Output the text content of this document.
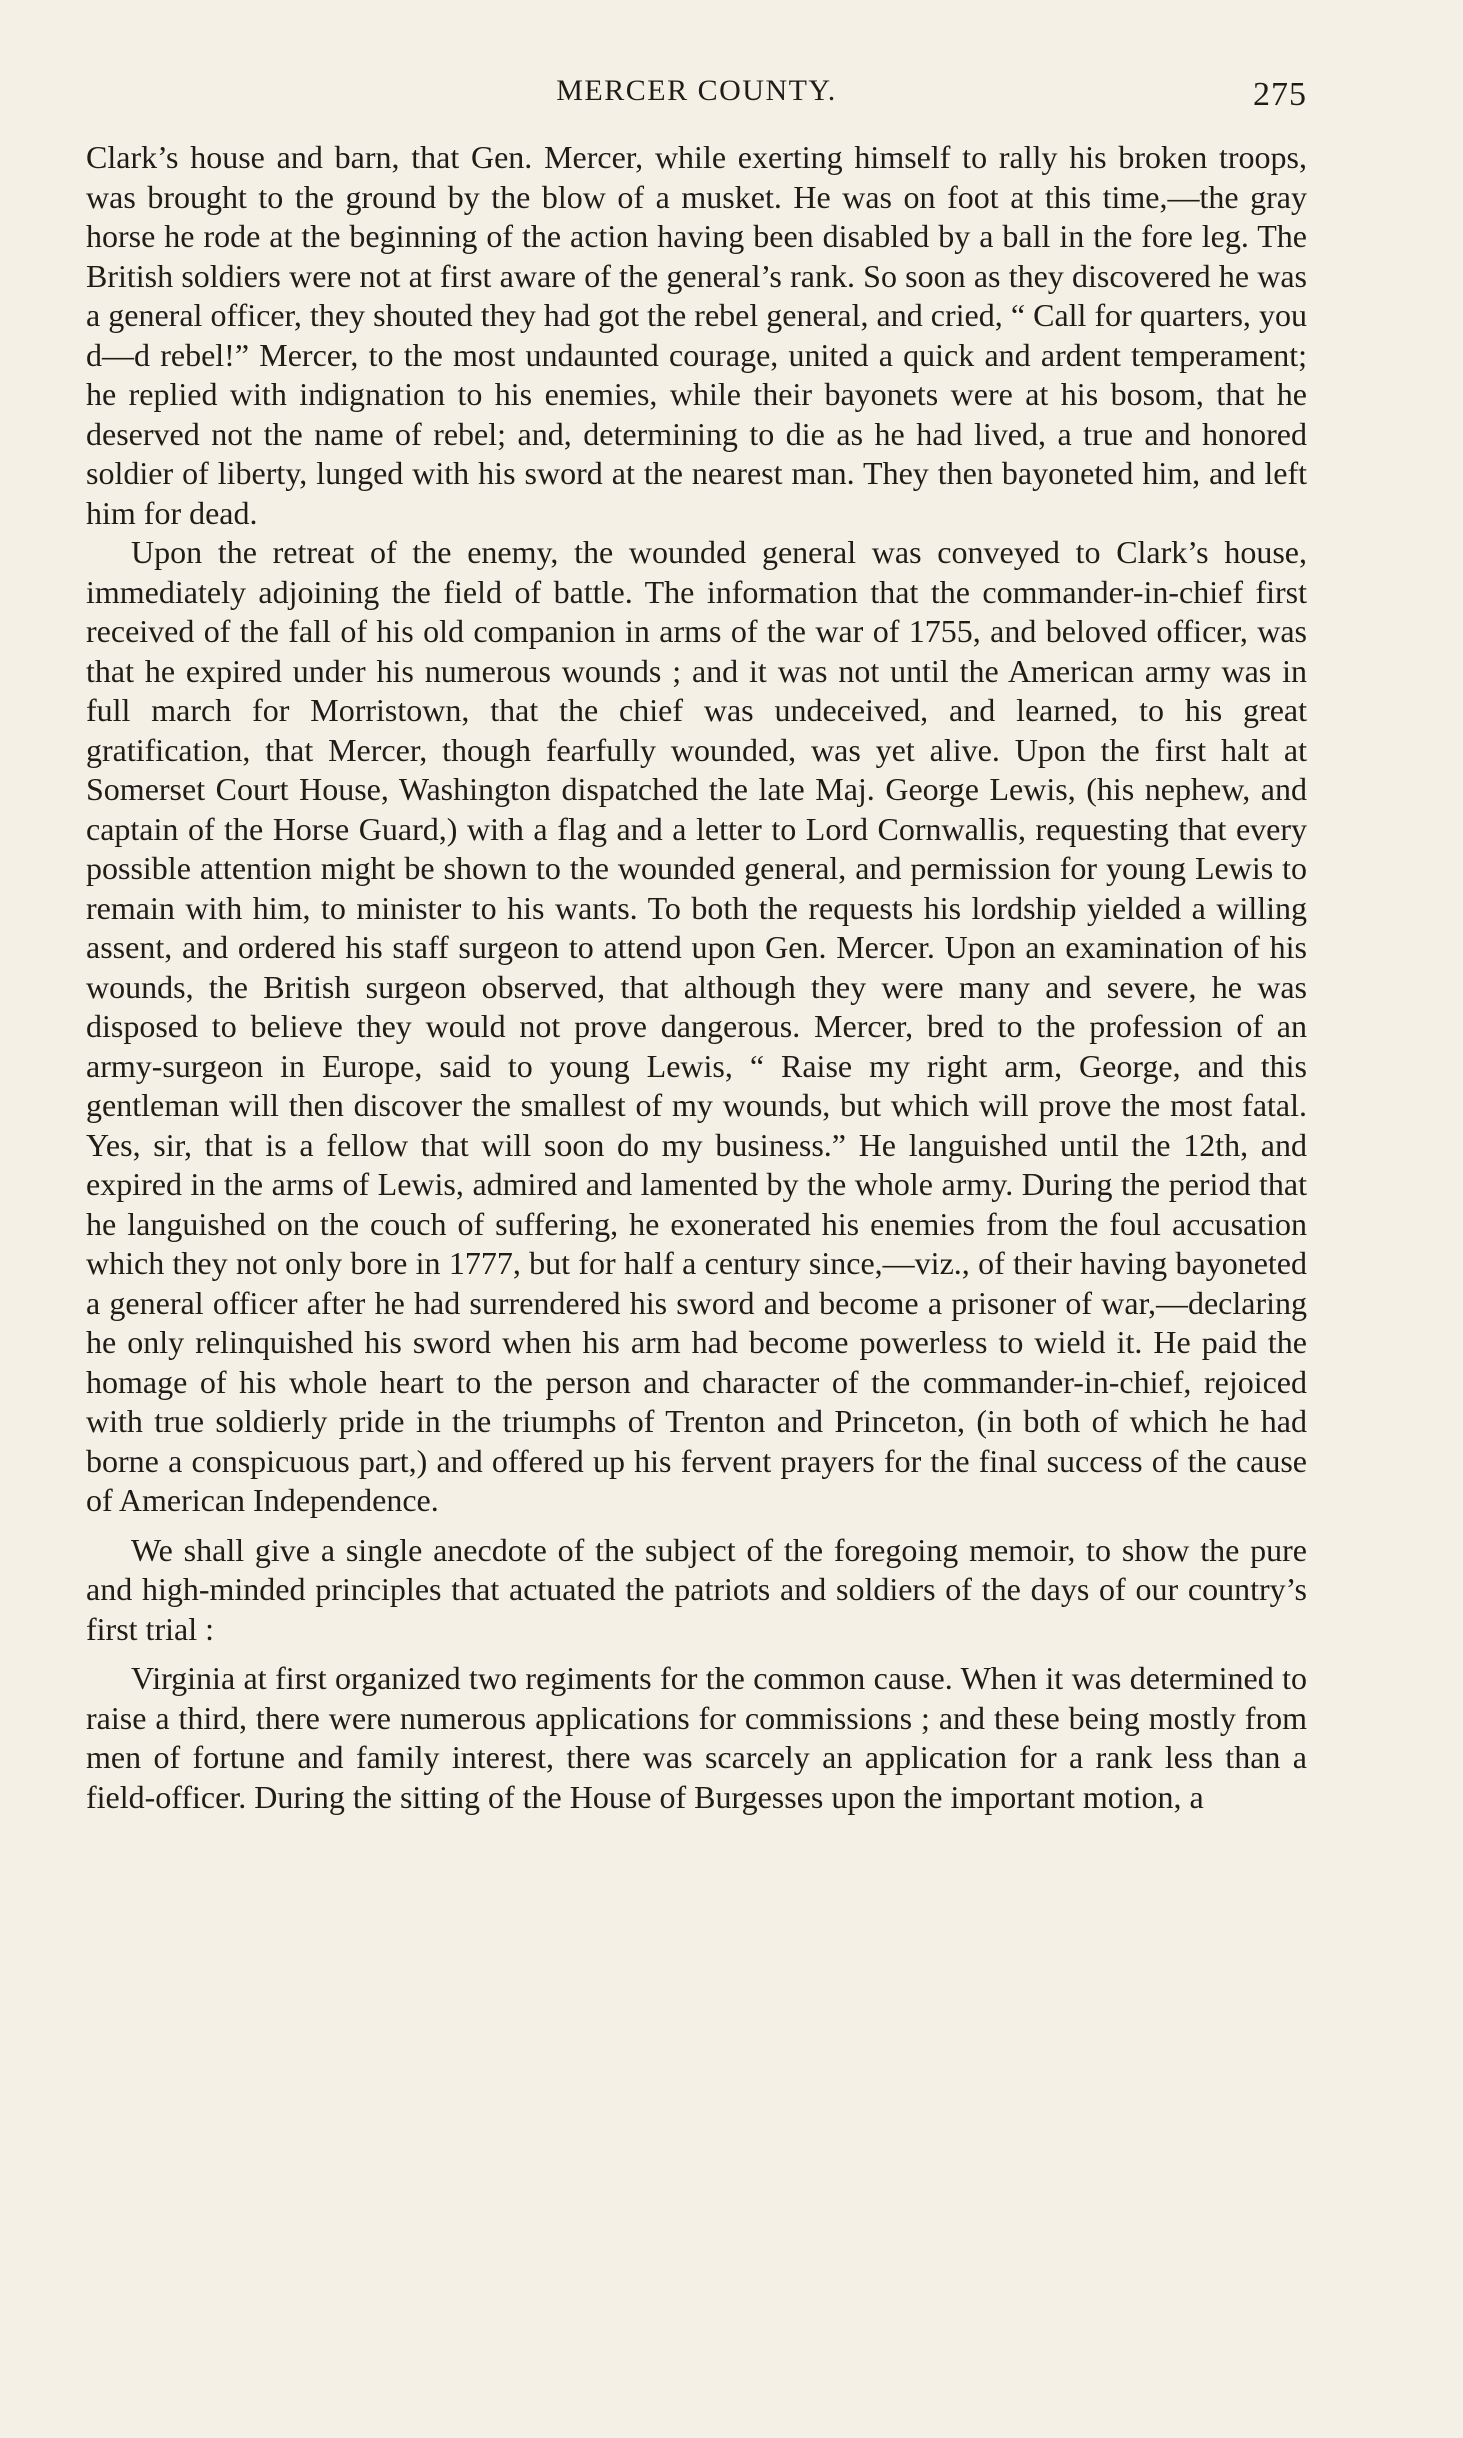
MERCER COUNTY.	275

Clark’s house and barn, that Gen. Mercer, while exerting himself to rally his broken troops, was brought to the ground by the blow of a musket. He was on foot at this time,—the gray horse he rode at the beginning of the action having been disabled by a ball in the fore leg. The British soldiers were not at first aware of the general’s rank. So soon as they discovered he was a general officer, they shouted they had got the rebel general, and cried, “ Call for quarters, you d—d rebel!” Mercer, to the most undaunted courage, united a quick and ardent temperament; he replied with indignation to his enemies, while their bayonets were at his bosom, that he deserved not the name of rebel; and, determining to die as he had lived, a true and honored soldier of liberty, lunged with his sword at the nearest man. They then bayoneted him, and left him for dead.

Upon the retreat of the enemy, the wounded general was conveyed to Clark’s house, immediately adjoining the field of battle. The information that the commander-in-chief first received of the fall of his old companion in arms of the war of 1755, and beloved officer, was that he expired under his numerous wounds ; and it was not until the American army was in full march for Morristown, that the chief was undeceived, and learned, to his great gratification, that Mercer, though fearfully wounded, was yet alive. Upon the first halt at Somerset Court House, Washington dispatched the late Maj. George Lewis, (his nephew, and captain of the Horse Guard,) with a flag and a letter to Lord Cornwallis, requesting that every possible attention might be shown to the wounded general, and permission for young Lewis to remain with him, to minister to his wants. To both the requests his lordship yielded a willing assent, and ordered his staff surgeon to attend upon Gen. Mercer. Upon an examination of his wounds, the British surgeon observed, that although they were many and severe, he was disposed to believe they would not prove dangerous. Mercer, bred to the profession of an army-surgeon in Europe, said to young Lewis, “ Raise my right arm, George, and this gentleman will then discover the smallest of my wounds, but which will prove the most fatal. Yes, sir, that is a fellow that will soon do my business.” He languished until the 12th, and expired in the arms of Lewis, admired and lamented by the whole army. During the period that he languished on the couch of suffering, he exonerated his enemies from the foul accusation which they not only bore in 1777, but for half a century since,—viz., of their having bayoneted a general officer after he had surrendered his sword and become a prisoner of war,—declaring he only relinquished his sword when his arm had become powerless to wield it. He paid the homage of his whole heart to the person and character of the commander-in-chief, rejoiced with true soldierly pride in the triumphs of Trenton and Princeton, (in both of which he had borne a conspicuous part,) and offered up his fervent prayers for the final success of the cause of American Independence.

We shall give a single anecdote of the subject of the foregoing memoir, to show the pure and high-minded principles that actuated the patriots and soldiers of the days of our country’s first trial :

Virginia at first organized two regiments for the common cause. When it was determined to raise a third, there were numerous applications for commissions ; and these being mostly from men of fortune and family interest, there was scarcely an application for a rank less than a field-officer. During the sitting of the House of Burgesses upon the important motion, a
